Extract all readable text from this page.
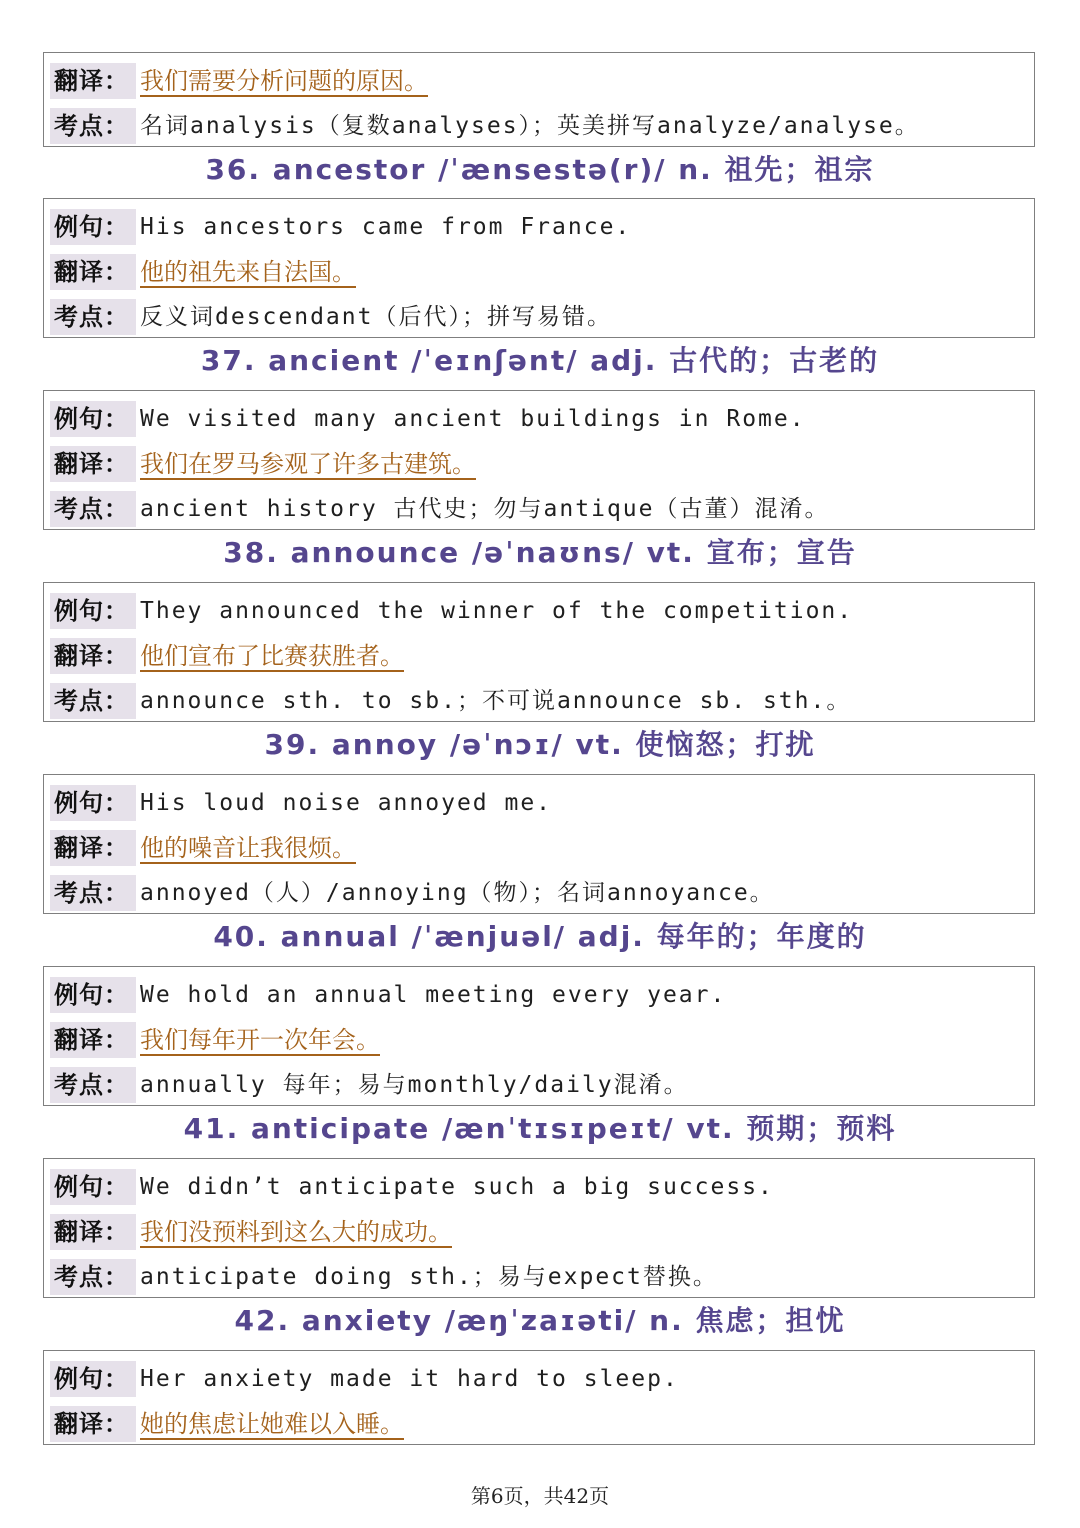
翻译： 我们需要分析问题的原因。
考点： 名词analysis（复数analyses）；英美拼写analyze/analyse。
36. ancestor /ˈænsestə(r)/ n. 祖先；祖宗
例句： His ancestors came from France.
翻译： 他的祖先来自法国。
考点： 反义词descendant（后代）；拼写易错。
37. ancient /ˈeɪnʃənt/ adj. 古代的；古老的
例句： We visited many ancient buildings in Rome.
翻译： 我们在罗马参观了许多古建筑。
考点： ancient history 古代史；勿与antique（古董）混淆。
38. announce /əˈnaʊns/ vt. 宣布；宣告
例句： They announced the winner of the competition.
翻译： 他们宣布了比赛获胜者。
考点： announce sth. to sb.；不可说announce sb. sth.。
39. annoy /əˈnɔɪ/ vt. 使恼怒；打扰
例句： His loud noise annoyed me.
翻译： 他的噪音让我很烦。
考点： annoyed（人）/annoying（物）；名词annoyance。
40. annual /ˈænjuəl/ adj. 每年的；年度的
例句： We hold an annual meeting every year.
翻译： 我们每年开一次年会。
考点： annually 每年；易与monthly/daily混淆。
41. anticipate /ænˈtɪsɪpeɪt/ vt. 预期；预料
例句： We didn’t anticipate such a big success.
翻译： 我们没预料到这么大的成功。
考点： anticipate doing sth.；易与expect替换。
42. anxiety /æŋˈzaɪəti/ n. 焦虑；担忧
例句： Her anxiety made it hard to sleep.
翻译： 她的焦虑让她难以入睡。
第6页，共42页
